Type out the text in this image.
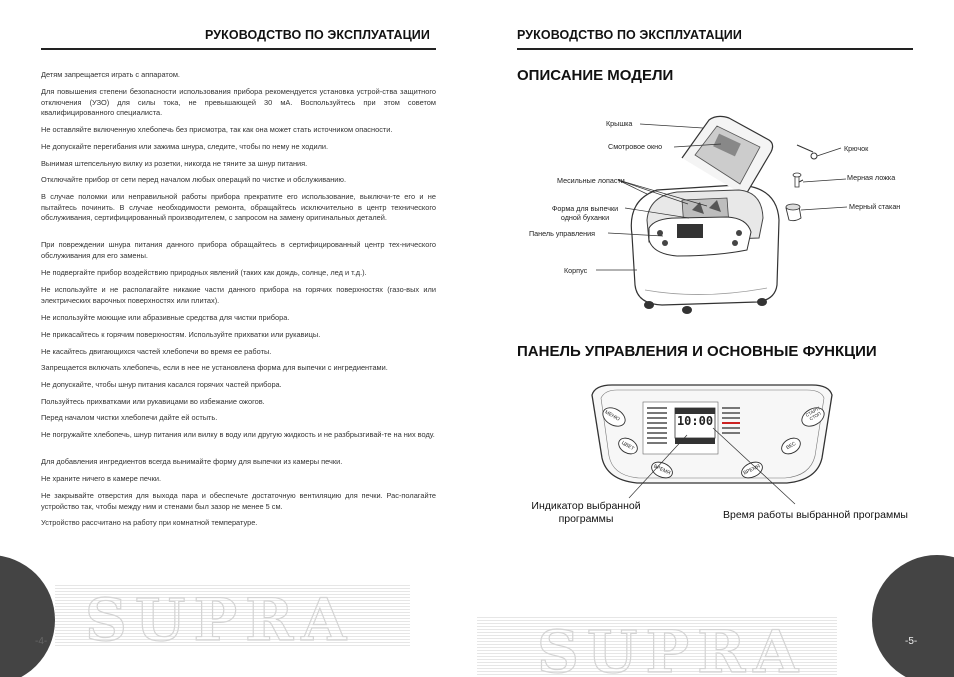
РУКОВОДСТВО ПО ЭКСПЛУАТАЦИИ
Детям запрещается играть с аппаратом.
Для повышения степени безопасности использования прибора рекомендуется установка устрой-ства защитного отключения (УЗО) для силы тока, не превышающей 30 мА. Воспользуйтесь при этом советом квалифицированного специалиста.
Не оставляйте включенную хлебопечь без присмотра, так как она может стать источником опасности.
Не допускайте перегибания или зажима шнура, следите, чтобы по нему не ходили.
Вынимая штепсельную вилку из розетки, никогда не тяните за шнур питания.
Отключайте прибор от сети перед началом любых операций по чистке и обслуживанию.
В случае поломки или неправильной работы прибора прекратите его использование, выключи-те его и не пытайтесь починить. В случае необходимости ремонта, обращайтесь исключительно в центр технического обслуживания, сертифицированный производителем, с запросом на замену оригинальных деталей.
При повреждении шнура питания данного прибора обращайтесь в сертифицированный центр тех-нического обслуживания для его замены.
Не подвергайте прибор воздействию природных явлений (таких как дождь, солнце, лед и т.д.).
Не используйте и не располагайте никакие части данного прибора на горячих поверхностях (газо-вых или электрических варочных поверхностях или плитах).
Не используйте моющие или абразивные средства для чистки прибора.
Не прикасайтесь к горячим поверхностям. Используйте прихватки или рукавицы.
Не касайтесь двигающихся частей хлебопечи во время ее работы.
Запрещается включать хлебопечь, если в нее не установлена форма для выпечки с ингредиентами.
Не допускайте, чтобы шнур питания касался горячих частей прибора.
Пользуйтесь прихватками или рукавицами во избежание ожогов.
Перед началом чистки хлебопечи дайте ей остыть.
Не погружайте хлебопечь, шнур питания или вилку в воду или другую жидкость и не разбрызгивай-те на них воду.
Для добавления ингредиентов всегда вынимайте форму для выпечки из камеры печки.
Не храните ничего в камере печки.
Не закрывайте отверстия для выхода пара и обеспечьте достаточную вентиляцию для печки. Рас-полагайте устройство так, чтобы между ним и стенами был зазор не менее 5 см.
Устройство рассчитано на работу при комнатной температуре.
SUPRA
-4-
РУКОВОДСТВО ПО ЭКСПЛУАТАЦИИ
ОПИСАНИЕ МОДЕЛИ
Крышка
Смотровое окно
Месильные лопасти
Форма для выпечки одной буханки
Панель управления
Корпус
Крючок
Мерная ложка
Мерный стакан
ПАНЕЛЬ УПРАВЛЕНИЯ И ОСНОВНЫЕ ФУНКЦИИ
МЕНЮ
ЦВЕТ
ВРЕМЯ	ВРЕМЯ
ВЕС
СТАРТ/СТОП
10:00
Индикатор выбранной программы	Время работы выбранной программы
SUPRA	-5-
